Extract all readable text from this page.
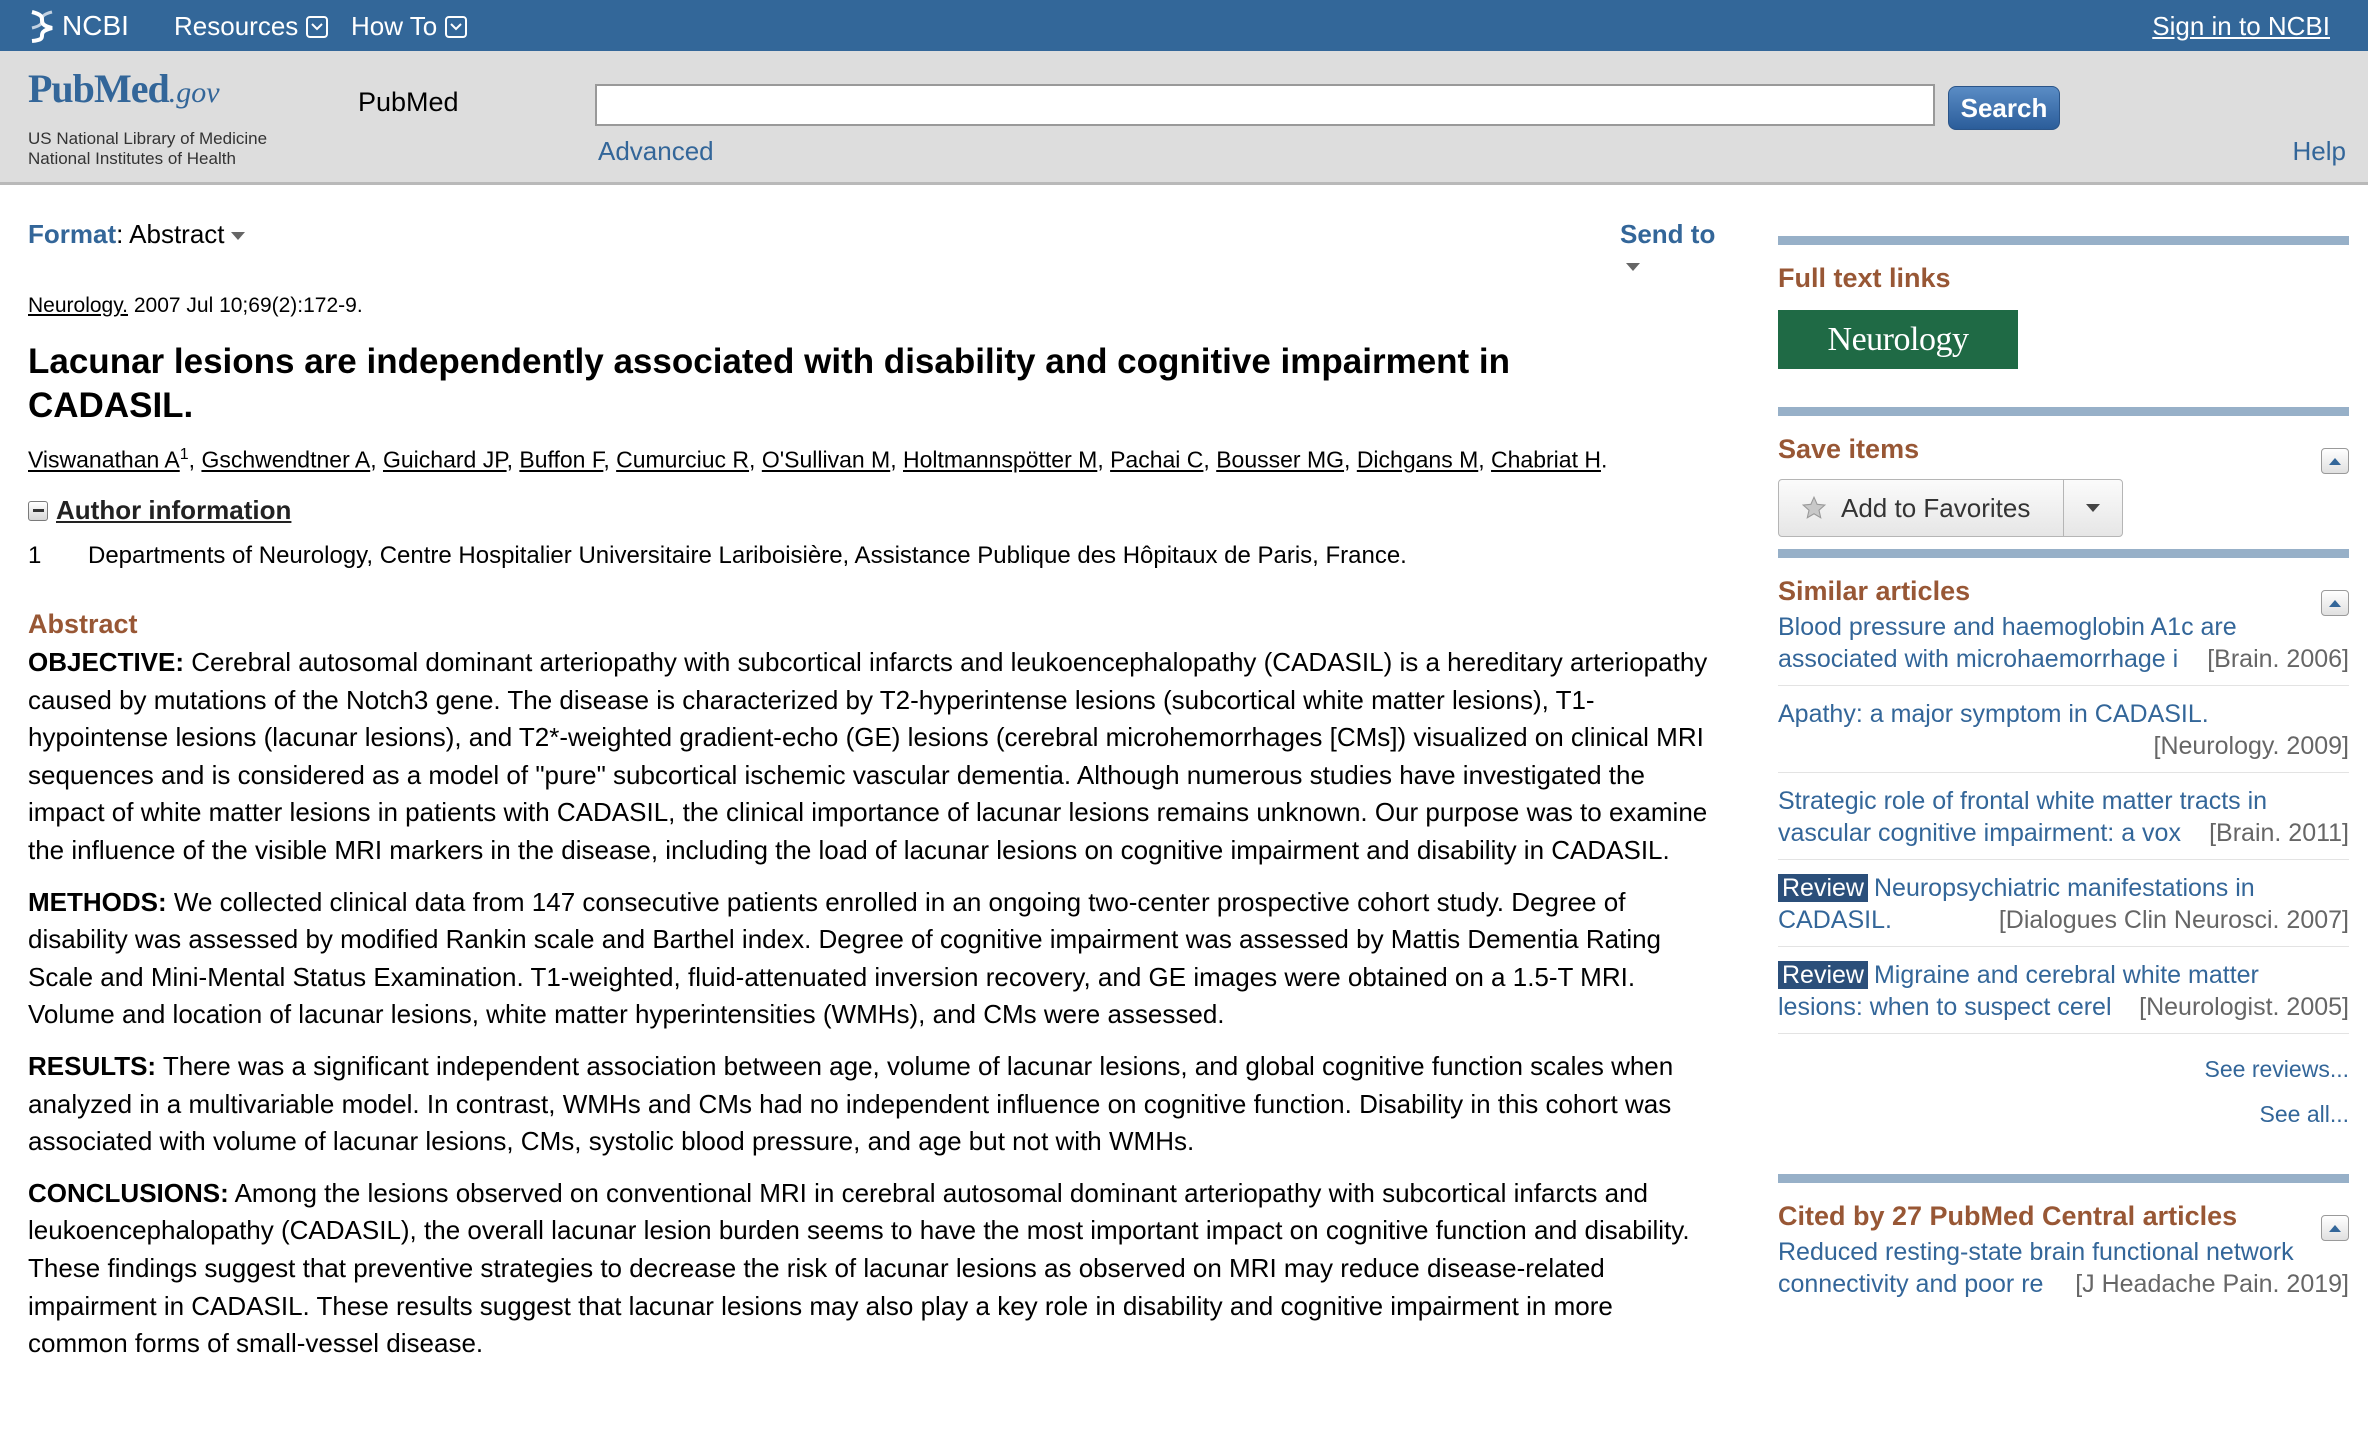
NCBI Resources How To	Sign in to NCBI
PubMed.gov
US National Library of Medicine
National Institutes of Health
PubMed	Search
Advanced	Help
Format: Abstract	Send to
Neurology. 2007 Jul 10;69(2):172-9.
Lacunar lesions are independently associated with disability and cognitive impairment in CADASIL.
Viswanathan $A^1$, Gschwendtner A, Guichard JP, Buffon F, Cumurciuc R, O'Sullivan M, Holtmannspötter M, Pachai C, Bousser MG, Dichgans M, Chabriat H.
Author information
1 Departments of Neurology, Centre Hospitalier Universitaire Lariboisière, Assistance Publique des Hôpitaux de Paris, France.
Abstract

OBJECTIVE: Cerebral autosomal dominant arteriopathy with subcortical infarcts and leukoencephalopathy (CADASIL) is a hereditary arteriopathy caused by mutations of the Notch3 gene. The disease is characterized by T2-hyperintense lesions (subcortical white matter lesions), T1-hypointense lesions (lacunar lesions), and T2*-weighted gradient-echo (GE) lesions (cerebral microhemorrhages [CMs]) visualized on clinical MRI sequences and is considered as a model of "pure" subcortical ischemic vascular dementia. Although numerous studies have investigated the impact of white matter lesions in patients with CADASIL, the clinical importance of lacunar lesions remains unknown. Our purpose was to examine the influence of the visible MRI markers in the disease, including the load of lacunar lesions on cognitive impairment and disability in CADASIL.

METHODS: We collected clinical data from 147 consecutive patients enrolled in an ongoing two-center prospective cohort study. Degree of disability was assessed by modified Rankin scale and Barthel index. Degree of cognitive impairment was assessed by Mattis Dementia Rating Scale and Mini-Mental Status Examination. T1-weighted, fluid-attenuated inversion recovery, and GE images were obtained on a 1.5-T MRI. Volume and location of lacunar lesions, white matter hyperintensities (WMHs), and CMs were assessed.

RESULTS: There was a significant independent association between age, volume of lacunar lesions, and global cognitive function scales when analyzed in a multivariable model. In contrast, WMHs and CMs had no independent influence on cognitive function. Disability in this cohort was associated with volume of lacunar lesions, CMs, systolic blood pressure, and age but not with WMHs.

CONCLUSIONS: Among the lesions observed on conventional MRI in cerebral autosomal dominant arteriopathy with subcortical infarcts and leukoencephalopathy (CADASIL), the overall lacunar lesion burden seems to have the most important impact on cognitive function and disability. These findings suggest that preventive strategies to decrease the risk of lacunar lesions as observed on MRI may reduce disease-related impairment in CADASIL. These results suggest that lacunar lesions may also play a key role in disability and cognitive impairment in more common forms of small-vessel disease.

Full text links
Neurology
Save items
Add to Favorites
Similar articles
Blood pressure and haemoglobin A1c are
associated with microhaemorrhage i	[Brain. 2006]
Apathy: a major symptom in CADASIL.
[Neurology. 2009]
Strategic role of frontal white matter tracts in
vascular cognitive impairment: a vox	[Brain. 2011]
Review Neuropsychiatric manifestations in
CADASIL.	[Dialogues Clin Neurosci. 2007]
Review Migraine and cerebral white matter
lesions: when to suspect cerel	[Neurologist. 2005]
See reviews...
See all...
Cited by 27 PubMed Central articles
Reduced resting-state brain functional network
connectivity and poor re	[J Headache Pain. 2019]
